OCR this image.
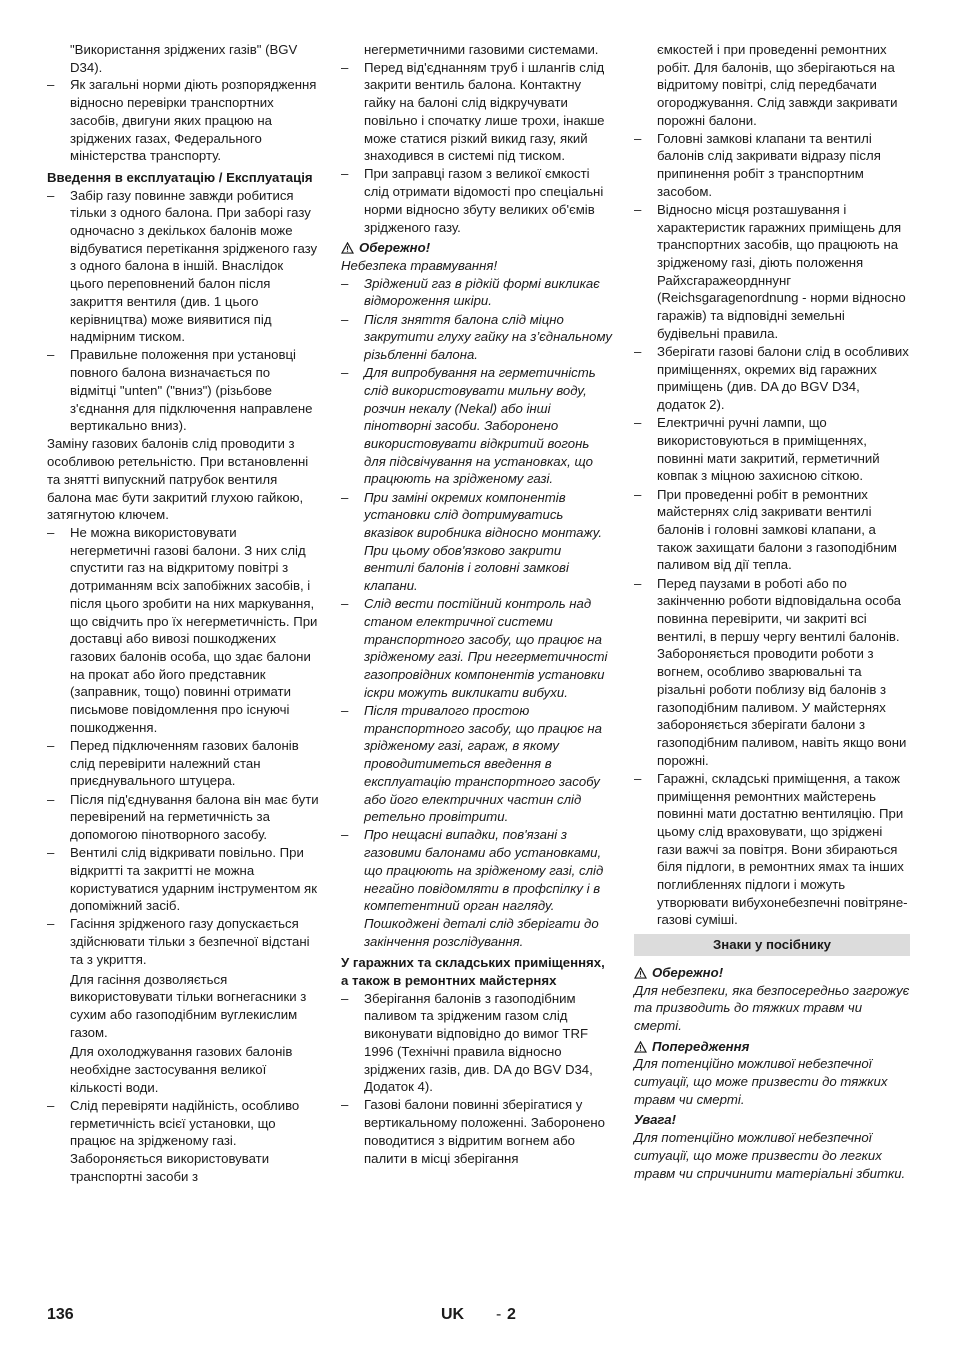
"Використання зріджених газів" (BGV D34).

– Як загальні норми діють розпорядження відносно перевірки транспортних засобів, двигуни яких працюю на зріджених газах, Федерального міністерства транспорту.

Введення в експлуатацію / Експлуатація

– Забір газу повинне завжди робитися тільки з одного балона. При заборі газу одночасно з декількох балонів може відбуватися перетікання зрідженого газу з одного балона в іншій. Внаслідок цього переповнений балон після закриття вентиля (див. 1 цього керівництва) може виявитися під надмірним тиском.
– Правильне положення при установці повного балона визначається по відмітці "unten" ("вниз") (різьбове з'єднання для підключення направлене вертикально вниз).

Заміну газових балонів слід проводити з особливою ретельністю. При встановленні та знятті випускний патрубок вентиля балона має бути закритий глухою гайкою, затягнутою ключем.

– Не можна використовувати негерметичні газові балони. З них слід спустити газ на відкритому повітрі з дотриманням всіх запобіжних засобів, і після цього зробити на них маркування, що свідчить про їх негерметичність. При доставці або вивозі пошкоджених газових балонів особа, що здає балони на прокат або його представник (заправник, тощо) повинні отримати письмове повідомлення про існуючі пошкодження.
– Перед підключенням газових балонів слід перевірити належний стан приєднувального штуцера.
– Після під'єднування балона він має бути перевірений на герметичність за допомогою пінотворного засобу.
– Вентилі слід відкривати повільно. При відкритті та закритті не можна користуватися ударним інструментом як допоміжний засіб.

– Гасіння зрідженого газу допускається здійснювати тільки з безпечної відстані та з укриття.

Для гасіння дозволяється використовувати тільки вогнегасники з сухим або газоподібним вуглекислим газом.

Для охолоджування газових балонів необхідне застосування великої кількості води.

– Слід перевіряти надійність, особливо герметичність всієї установки, що працює на зрідженому газі. Забороняється використовувати транспортні засоби з

негерметичними газовими системами.

– Перед від'єднанням труб і шлангів слід закрити вентиль балона. Контактну гайку на балоні слід відкручувати повільно і спочатку лише трохи, інакше може статися різкий викид газу, який знаходився в системі під тиском.
– При заправці газом з великої ємкості слід отримати відомості про спеціальні норми відносно збуту великих об'ємів зрідженого газу.
Обережно!

Небезпека травмування!

– Зріджений газ в рідкій формі викликає відмороження шкіри.
– Після зняття балона слід міцно закрутити глуху гайку на з’єднальному різьбленні балона.
– Для випробування на герметичність слід використовувати мильну воду, розчин некалу (Nekal) або інші пінотворні засоби. Заборонено використовувати відкритий вогонь для підсвічування на установках, що працюють на зрідженому газі.
– При заміні окремих компонентів установки слід дотримуватись вказівок виробника відносно монтажу. При цьому обов'язково закрити вентилі балонів і головні замкові клапани.
– Слід вести постійний контроль над станом електричної системи транспортного засобу, що працює на зрідженому газі. При негерметичності газопровідних компонентів установки іскри можуть викликати вибухи.
– Після тривалого простою транспортного засобу, що працює на зрідженому газі, гараж, в якому проводитиметься введення в експлуатацію транспортного засобу або його електричних частин слід ретельно провітрити.
– Про нещасні випадки, пов'язані з газовими балонами або установками, що працюють на зрідженому газі, слід негайно повідомляти в профспілку і в компетентний орган нагляду. Пошкоджені деталі слід зберігати до закінчення розслідування.

У гаражних та складських приміщеннях, а також в ремонтних майстернях

– Зберігання балонів з газоподібним паливом та зрідженим газом слід виконувати відповідно до вимог TRF 1996 (Технічні правила відносно зріджених газів, див. DA до BGV D34, Додаток 4).
– Газові балони повинні зберігатися у вертикальному положенні. Заборонено поводитися з відритим вогнем або палити в місці зберігання

ємкостей і при проведенні ремонтних робіт. Для балонів, що зберігаються на відритому повітрі, слід передбачати огороджування. Слід завжди закривати порожні балони.

– Головні замкові клапани та вентилі балонів слід закривати відразу після припинення робіт з транспортним засобом.
– Відносно місця розташування і характеристик гаражних приміщень для транспортних засобів, що працюють на зрідженому газі, діють положення Райхсгаражеордннунг (Reichsgaragenordnung - норми відносно гаражів) та відповідні земельні будівельні правила.
– Зберігати газові балони слід в особливих приміщеннях, окремих від гаражних приміщень (див. DA до BGV D34, додаток 2).
– Електричні ручні лампи, що використовуються в приміщеннях, повинні мати закритий, герметичний ковпак з міцною захисною сіткою.
– При проведенні робіт в ремонтних майстернях слід закривати вентилі балонів і головні замкові клапани, а також захищати балони з газоподібним паливом від дії тепла.
– Перед паузами в роботі або по закінченню роботи відповідальна особа повинна перевірити, чи закриті всі вентилі, в першу чергу вентилі балонів. Забороняється проводити роботи з вогнем, особливо зварювальні та різальні роботи поблизу від балонів з газоподібним паливом. У майстернях забороняється зберігати балони з газоподібним паливом, навіть якщо вони порожні.
– Гаражні, складські приміщення, а також приміщення ремонтних майстерень повинні мати достатню вентиляцію. При цьому слід враховувати, що зріджені гази важчі за повітря. Вони збираються біля підлоги, в ремонтних ямах та інших поглибленнях підлоги і можуть утворювати вибухонебезпечні повітряне-газові суміші.
Знаки у посібнику
Обережно!

Для небезпеки, яка безпосередньо загрожує та призводить до тяжких травм чи смерті.

Попередження

Для потенційно можливої небезпечної ситуації, що може призвести до тяжких травм чи смерті.

Увага!

Для потенційно можливої небезпечної ситуації, що може призвести до легких травм чи спричинити матеріальні збитки.

136	UK - 2
